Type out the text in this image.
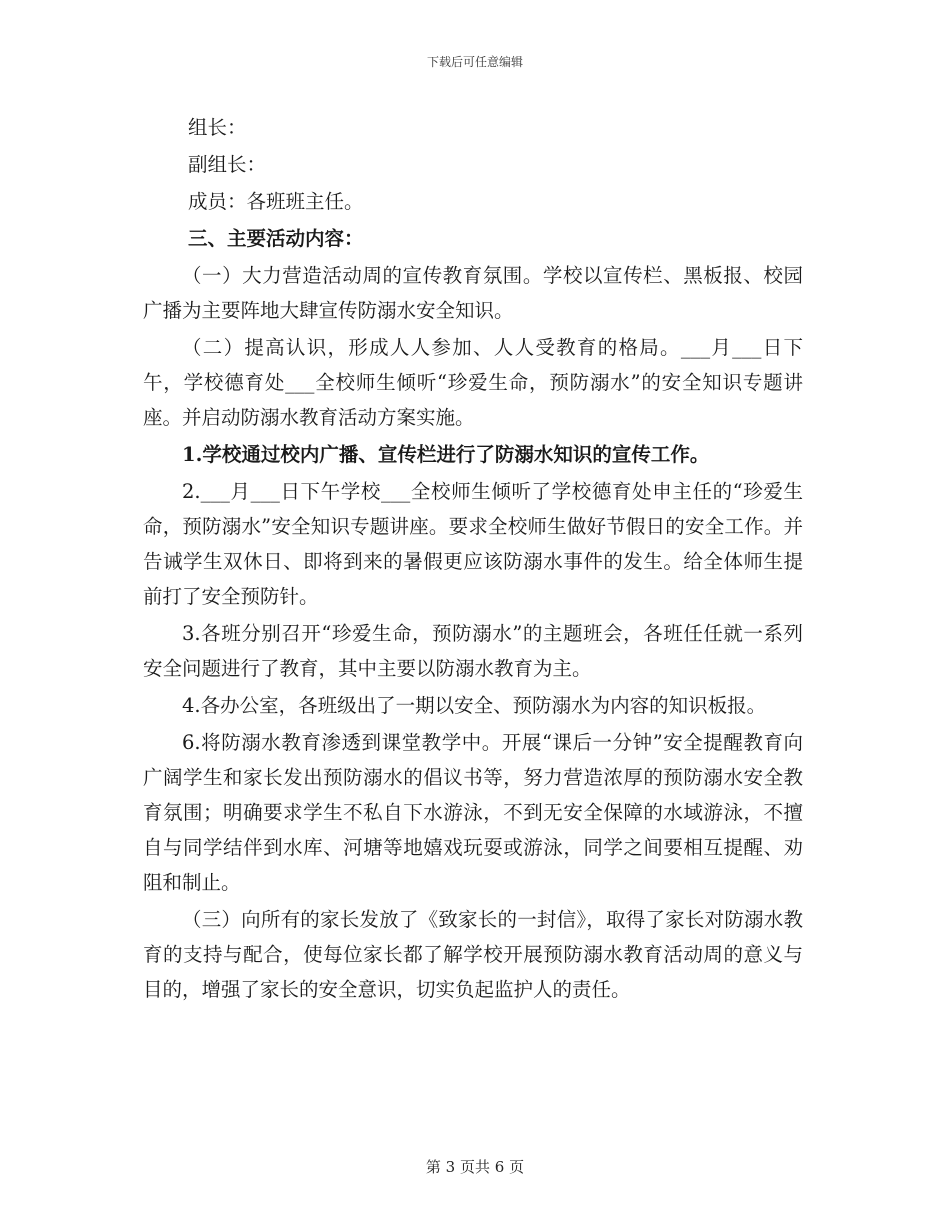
下载后可任意编辑

组长：

副组长：

成员：各班班主任。

三、主要活动内容：

（一）大力营造活动周的宣传教育氛围。学校以宣传栏、黑板报、校园广播为主要阵地大肆宣传防溺水安全知识。

（二）提高认识，形成人人参加、人人受教育的格局。___月___日下午，学校德育处___全校师生倾听“珍爱生命，预防溺水”的安全知识专题讲座。并启动防溺水教育活动方案实施。

1.学校通过校内广播、宣传栏进行了防溺水知识的宣传工作。

2.___月___日下午学校___全校师生倾听了学校德育处申主任的“珍爱生命，预防溺水”安全知识专题讲座。要求全校师生做好节假日的安全工作。并告诫学生双休日、即将到来的暑假更应该防溺水事件的发生。给全体师生提前打了安全预防针。

3.各班分别召开“珍爱生命，预防溺水”的主题班会，各班任任就一系列安全问题进行了教育，其中主要以防溺水教育为主。

4.各办公室，各班级出了一期以安全、预防溺水为内容的知识板报。

6.将防溺水教育渗透到课堂教学中。开展“课后一分钟”安全提醒教育向广阔学生和家长发出预防溺水的倡议书等，努力营造浓厚的预防溺水安全教育氛围；明确要求学生不私自下水游泳，不到无安全保障的水域游泳，不擅自与同学结伴到水库、河塘等地嬉戏玩耍或游泳，同学之间要相互提醒、劝阻和制止。

（三）向所有的家长发放了《致家长的一封信》，取得了家长对防溺水教育的支持与配合，使每位家长都了解学校开展预防溺水教育活动周的意义与目的，增强了家长的安全意识，切实负起监护人的责任。

第 3 页共 6 页
